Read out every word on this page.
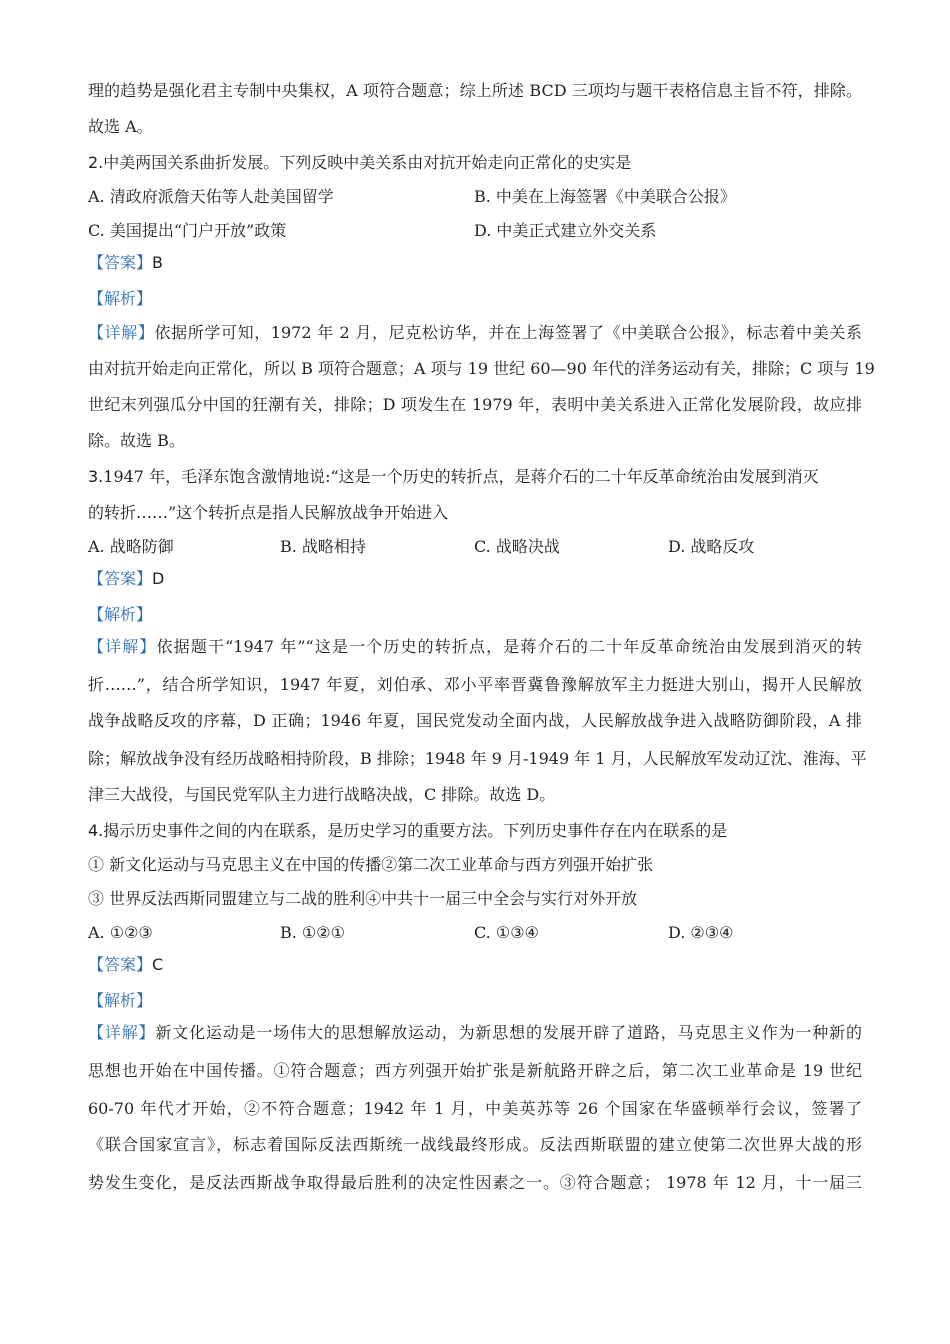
理的趋势是强化君主专制中央集权，A 项符合题意；综上所述 BCD 三项均与题干表格信息主旨不符，排除。
故选 A。
2.中美两国关系曲折发展。下列反映中美关系由对抗开始走向正常化的史实是
A. 清政府派詹天佑等人赴美国留学	B. 中美在上海签署《中美联合公报》
C. 美国提出“门户开放”政策	D. 中美正式建立外交关系
【答案】B
【解析】
【详解】依据所学可知，1972 年 2 月，尼克松访华，并在上海签署了《中美联合公报》，标志着中美关系
由对抗开始走向正常化，所以 B 项符合题意；A 项与 19 世纪 60—90 年代的洋务运动有关，排除；C 项与 19
世纪末列强瓜分中国的狂潮有关，排除；D 项发生在 1979 年，表明中美关系进入正常化发展阶段，故应排
除。故选 B。
3.1947 年，毛泽东饱含激情地说:“这是一个历史的转折点，是蒋介石的二十年反革命统治由发展到消灭
的转折……”这个转折点是指人民解放战争开始进入
A. 战略防御	B. 战略相持	C. 战略决战	D. 战略反攻
【答案】D
【解析】
【详解】依据题干“1947 年”“这是一个历史的转折点，是蒋介石的二十年反革命统治由发展到消灭的转
折……”，结合所学知识，1947 年夏，刘伯承、邓小平率晋冀鲁豫解放军主力挺进大别山，揭开人民解放
战争战略反攻的序幕，D 正确；1946 年夏，国民党发动全面内战，人民解放战争进入战略防御阶段，A 排
除；解放战争没有经历战略相持阶段，B 排除；1948 年 9 月-1949 年 1 月，人民解放军发动辽沈、淮海、平
津三大战役，与国民党军队主力进行战略决战，C 排除。故选 D。
4.揭示历史事件之间的内在联系，是历史学习的重要方法。下列历史事件存在内在联系的是
① 新文化运动与马克思主义在中国的传播②第二次工业革命与西方列强开始扩张
③ 世界反法西斯同盟建立与二战的胜利④中共十一届三中全会与实行对外开放
A. ①②③	B. ①②①	C. ①③④	D. ②③④
【答案】C
【解析】
【详解】新文化运动是一场伟大的思想解放运动，为新思想的发展开辟了道路，马克思主义作为一种新的
思想也开始在中国传播。①符合题意；西方列强开始扩张是新航路开辟之后，第二次工业革命是 19 世纪
60-70 年代才开始，②不符合题意；1942 年 1 月，中美英苏等 26 个国家在华盛顿举行会议，签署了
《联合国家宣言》，标志着国际反法西斯统一战线最终形成。反法西斯联盟的建立使第二次世界大战的形
势发生变化，是反法西斯战争取得最后胜利的决定性因素之一。③符合题意； 1978 年 12 月，十一届三
